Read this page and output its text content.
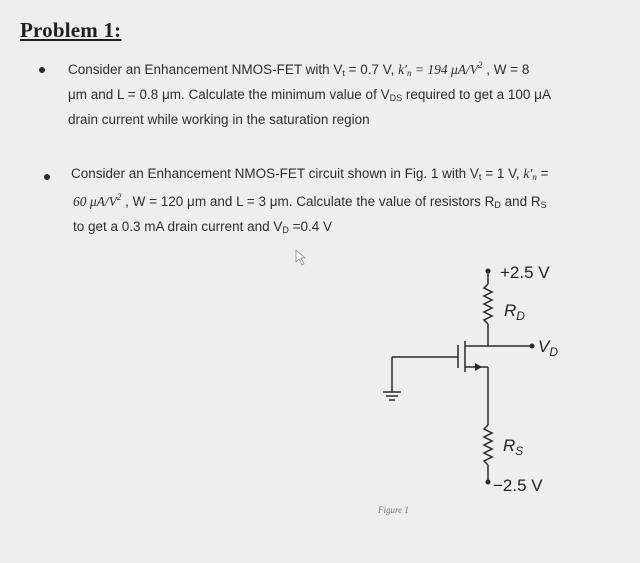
Problem 1:
Consider an Enhancement NMOS-FET with $V_t = 0.7$ V, $k'_n = 194$ $\mu A/V^2$ , W = 8
μm and L = 0.8 μm. Calculate the minimum value of $V_{DS}$ required to get a 100 μA
drain current while working in the saturation region
Consider an Enhancement NMOS-FET circuit shown in Fig. 1 with $V_t = 1$ V, $k'_n$ =
60 $\mu A/V^2$ , W = 120 μm and L = 3 μm. Calculate the value of resistors $R_D$ and $R_S$
to get a 0.3 mA drain current and $V_D =0.4$ V
+2.5 V
$R_D$
$V_D$
$R_S$
−2.5 V
Figure 1
